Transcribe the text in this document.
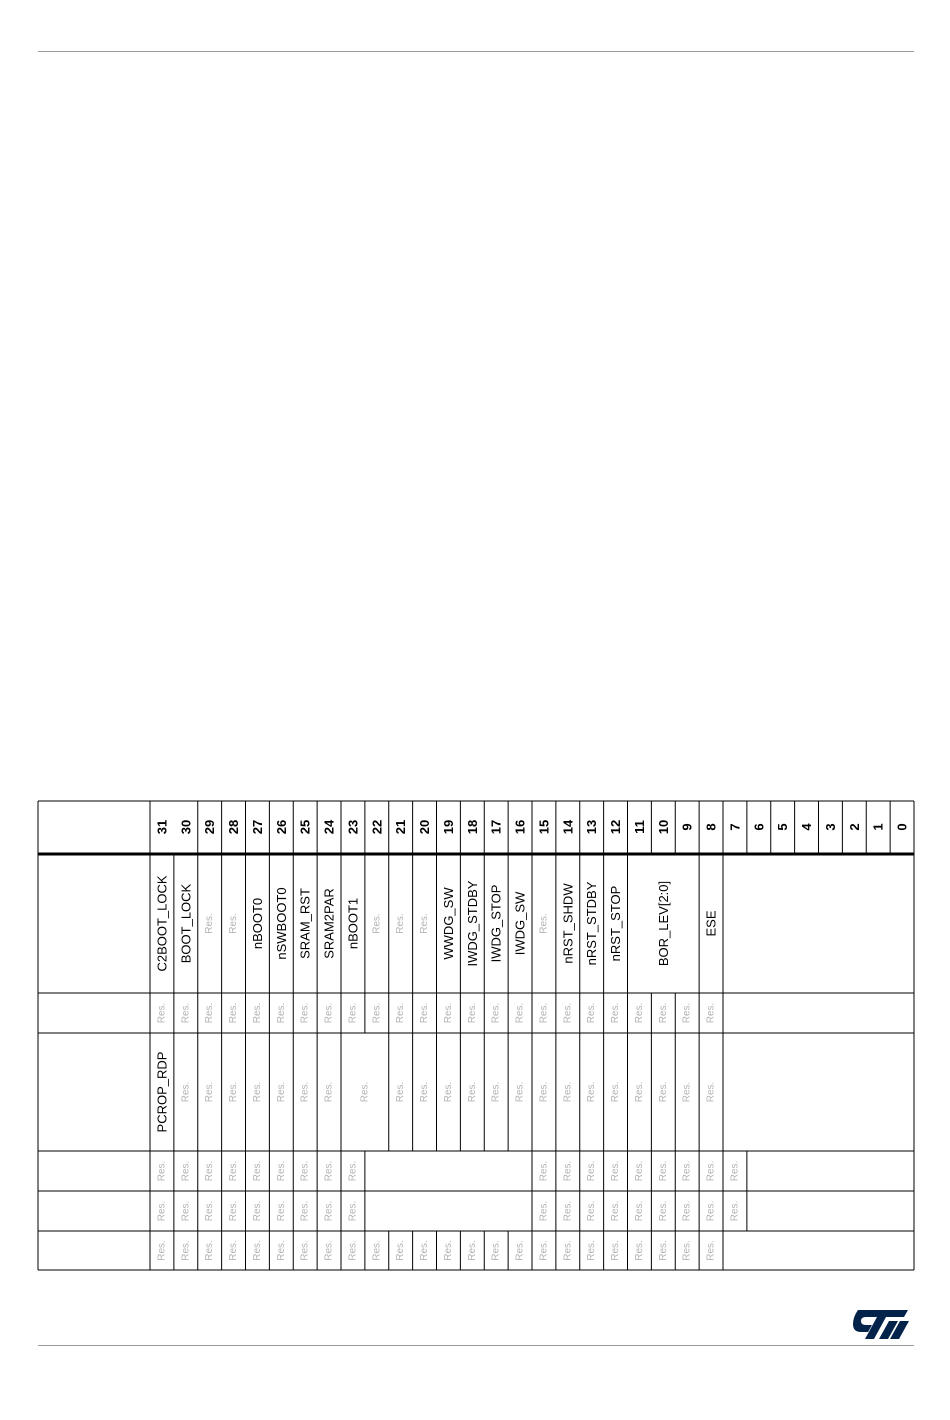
31 30 29 28 27 26 25 24 23 22 21 20 19 18 17 16 15 14 13 12 11 10 9 8 7 6 5 4 3 2 1 0
C2BOOT_LOCK BOOT_LOCK Res. Res. nBOOT0 nSWBOOT0 SRAM_RST SRAM2PAR nBOOT1 Res. Res. Res. WWDG_SW IWDG_STDBY IWDG_STOP IWDG_SW Res. nRST_SHDW nRST_STDBY nRST_STOP	BOR_LEV[2:0]	ESE
Res. Res. Res. Res. Res. Res. Res. Res. Res. Res. Res. Res. Res. Res. Res. Res. Res. Res. Res. Res. Res. Res. Res. Res.
PCROP_RDP Res. Res. Res. Res. Res. Res. Res. Res. Res. Res. Res. Res. Res. Res. Res. Res. Res. Res. Res. Res. Res. Res.
Res. Res. Res. Res. Res. Res. Res. Res. Res.	Res. Res. Res. Res. Res. Res. Res. Res. Res.
Res. Res. Res. Res. Res. Res. Res. Res. Res.	Res. Res. Res. Res. Res. Res. Res. Res. Res.
Res. Res. Res. Res. Res. Res. Res. Res. Res. Res. Res. Res. Res. Res. Res. Res. Res. Res. Res. Res. Res. Res. Res. Res.
